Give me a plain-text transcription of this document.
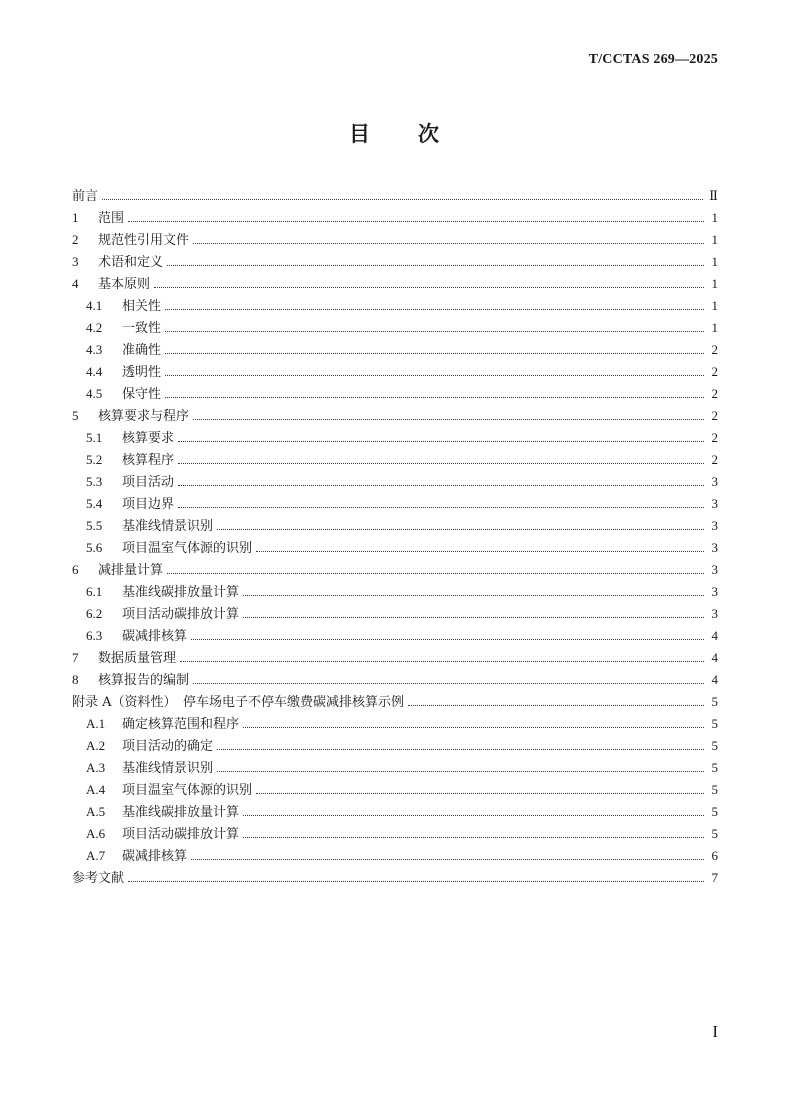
T/CCTAS 269—2025
目 次
前言	Ⅱ
1	范围	1
2	规范性引用文件	1
3	术语和定义	1
4	基本原则	1
4.1	相关性	1
4.2	一致性	1
4.3	准确性	2
4.4	透明性	2
4.5	保守性	2
5	核算要求与程序	2
5.1	核算要求	2
5.2	核算程序	2
5.3	项目活动	3
5.4	项目边界	3
5.5	基准线情景识别	3
5.6	项目温室气体源的识别	3
6	减排量计算	3
6.1	基准线碳排放量计算	3
6.2	项目活动碳排放计算	3
6.3	碳减排核算	4
7	数据质量管理	4
8	核算报告的编制	4
附录 A（资料性）　停车场电子不停车缴费碳减排核算示例	5
A.1	确定核算范围和程序	5
A.2	项目活动的确定	5
A.3	基准线情景识别	5
A.4	项目温室气体源的识别	5
A.5	基准线碳排放量计算	5
A.6	项目活动碳排放计算	5
A.7	碳减排核算	6
参考文献	7
I
